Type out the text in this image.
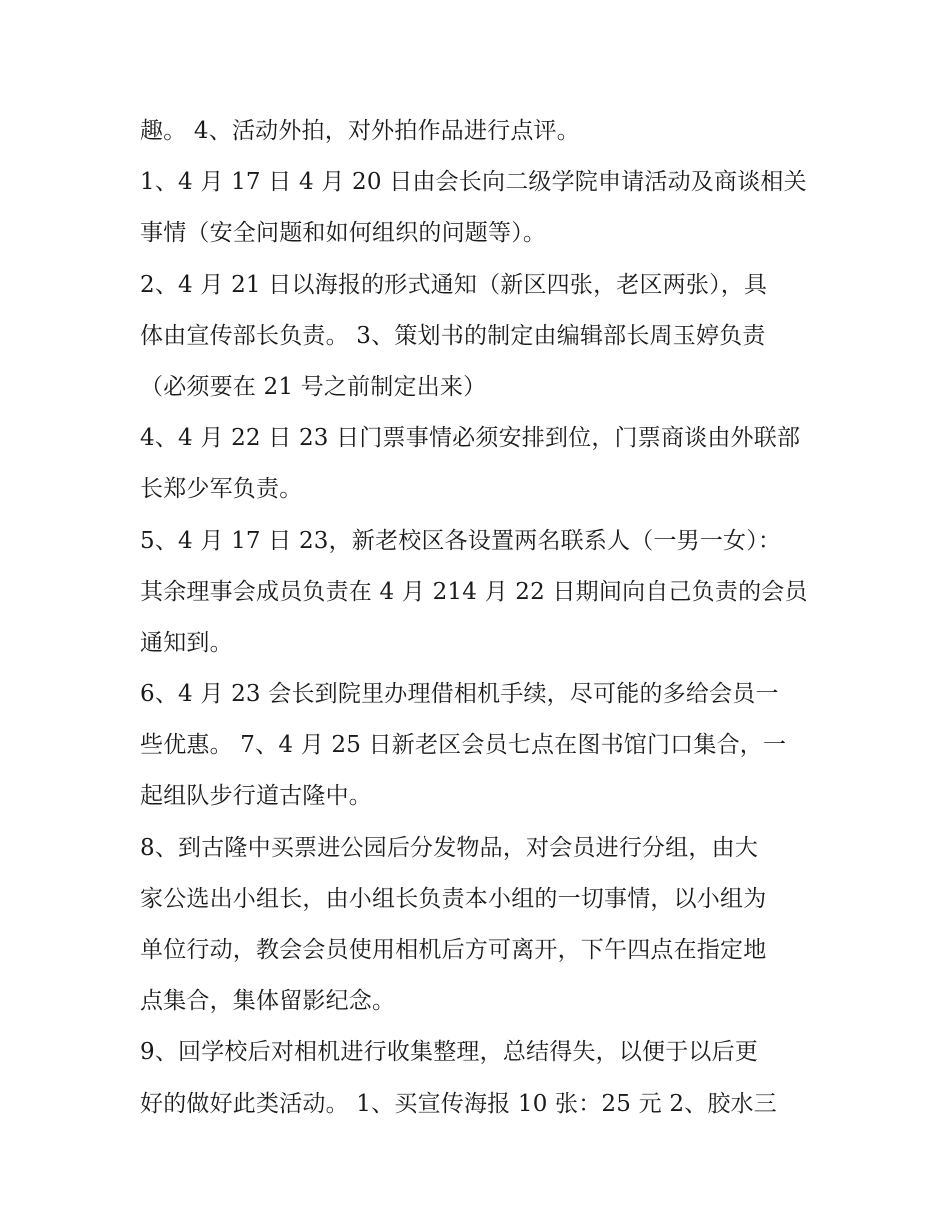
趣。 4、活动外拍，对外拍作品进行点评。
1、4 月 17 日 4 月 20 日由会长向二级学院申请活动及商谈相关
事情（安全问题和如何组织的问题等）。
2、4 月 21 日以海报的形式通知（新区四张，老区两张），具
体由宣传部长负责。 3、策划书的制定由编辑部长周玉婷负责
（必须要在 21 号之前制定出来）
4、4 月 22 日 23 日门票事情必须安排到位，门票商谈由外联部
长郑少军负责。
5、4 月 17 日 23，新老校区各设置两名联系人（一男一女）：
其余理事会成员负责在 4 月 214 月 22 日期间向自己负责的会员
通知到。
6、4 月 23 会长到院里办理借相机手续，尽可能的多给会员一
些优惠。 7、4 月 25 日新老区会员七点在图书馆门口集合，一
起组队步行道古隆中。
8、到古隆中买票进公园后分发物品，对会员进行分组，由大
家公选出小组长，由小组长负责本小组的一切事情，以小组为
单位行动，教会会员使用相机后方可离开，下午四点在指定地
点集合，集体留影纪念。
9、回学校后对相机进行收集整理，总结得失，以便于以后更
好的做好此类活动。 1、买宣传海报 10 张：25 元 2、胶水三
